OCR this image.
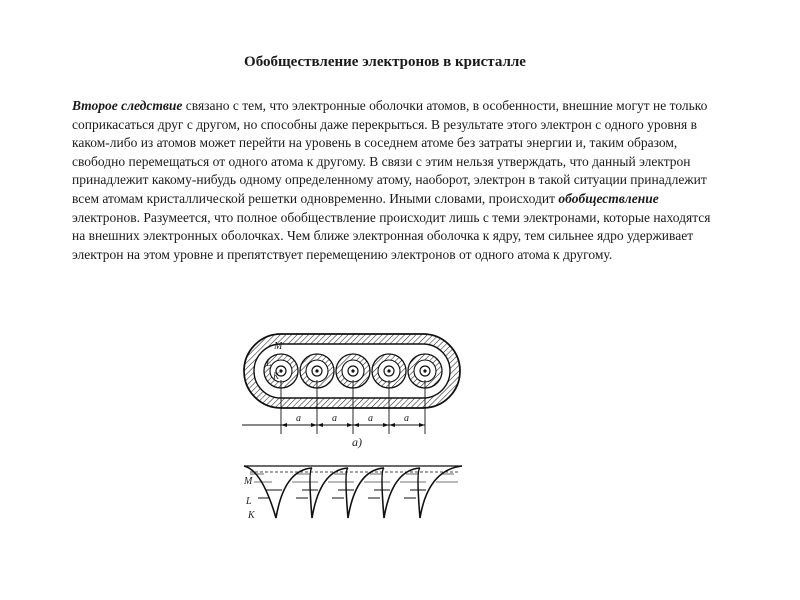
Обобществление электронов в кристалле
Второе следствие связано с тем, что электронные оболочки атомов, в особенности, внешние могут не только соприкасаться друг с другом, но способны даже перекрыться. В результате этого электрон с одного уровня в каком-либо из атомов может перейти на уровень в соседнем атоме без затраты энергии и, таким образом, свободно перемещаться от одного атома к другому. В связи с этим нельзя утверждать, что данный электрон принадлежит какому-нибудь одному определенному атому, наоборот, электрон в такой ситуации принадлежит всем атомам кристаллической решетки одновременно. Иными словами, происходит обобществление электронов. Разумеется, что полное обобществление происходит лишь с теми электронами, которые находятся на внешних электронных оболочках. Чем ближе электронная оболочка к ядру, тем сильнее ядро удерживает электрон на этом уровне и препятствует перемещению электронов от одного атома к другому.
M
L
K
a	a	a	a
а)
M
L
K
